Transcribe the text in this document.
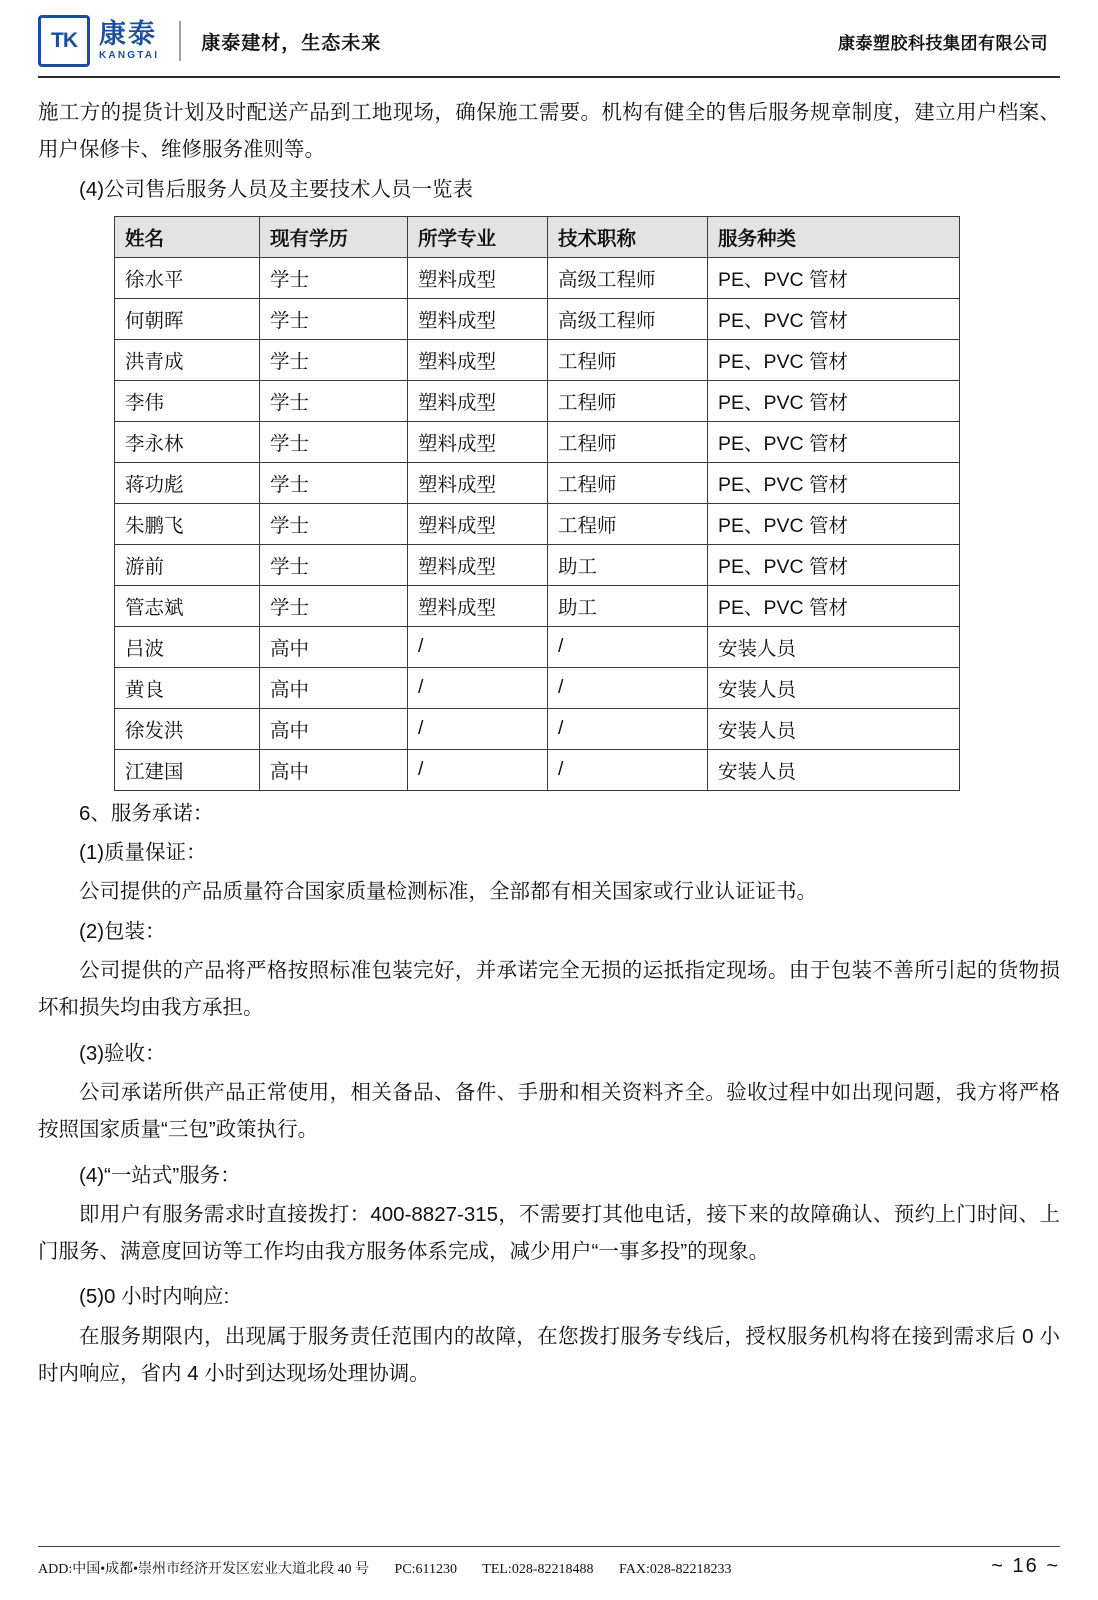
TK 康泰
KANGTAI
康泰建材，生态未来	康泰塑胶科技集团有限公司

施工方的提货计划及时配送产品到工地现场，确保施工需要。机构有健全的售后服务规章制度，建立用户档案、用户保修卡、维修服务准则等。

(4)公司售后服务人员及主要技术人员一览表

姓名	现有学历	所学专业	技术职称	服务种类
徐水平	学士	塑料成型	高级工程师	PE、PVC 管材
何朝晖	学士	塑料成型	高级工程师	PE、PVC 管材
洪青成	学士	塑料成型	工程师	PE、PVC 管材
李伟	学士	塑料成型	工程师	PE、PVC 管材
李永林	学士	塑料成型	工程师	PE、PVC 管材
蒋功彪	学士	塑料成型	工程师	PE、PVC 管材
朱鹏飞	学士	塑料成型	工程师	PE、PVC 管材
游前	学士	塑料成型	助工	PE、PVC 管材
管志斌	学士	塑料成型	助工	PE、PVC 管材
吕波	高中	/	/	安装人员
黄良	高中	/	/	安装人员
徐发洪	高中	/	/	安装人员
江建国	高中	/	/	安装人员

6、服务承诺：

(1)质量保证：

公司提供的产品质量符合国家质量检测标准，全部都有相关国家或行业认证证书。

(2)包装：

公司提供的产品将严格按照标准包装完好，并承诺完全无损的运抵指定现场。由于包装不善所引起的货物损坏和损失均由我方承担。

(3)验收：

公司承诺所供产品正常使用，相关备品、备件、手册和相关资料齐全。验收过程中如出现问题，我方将严格按照国家质量“三包”政策执行。

(4)“一站式”服务：

即用户有服务需求时直接拨打：400-8827-315，不需要打其他电话，接下来的故障确认、预约上门时间、上门服务、满意度回访等工作均由我方服务体系完成，减少用户“一事多投”的现象。

(5)0 小时内响应:

在服务期限内，出现属于服务责任范围内的故障，在您拨打服务专线后，授权服务机构将在接到需求后 0 小时内响应，省内 4 小时到达现场处理协调。

ADD:中国•成都•崇州市经济开发区宏业大道北段 40 号 PC:611230 TEL:028-82218488 FAX:028-82218233	~ 16 ~
